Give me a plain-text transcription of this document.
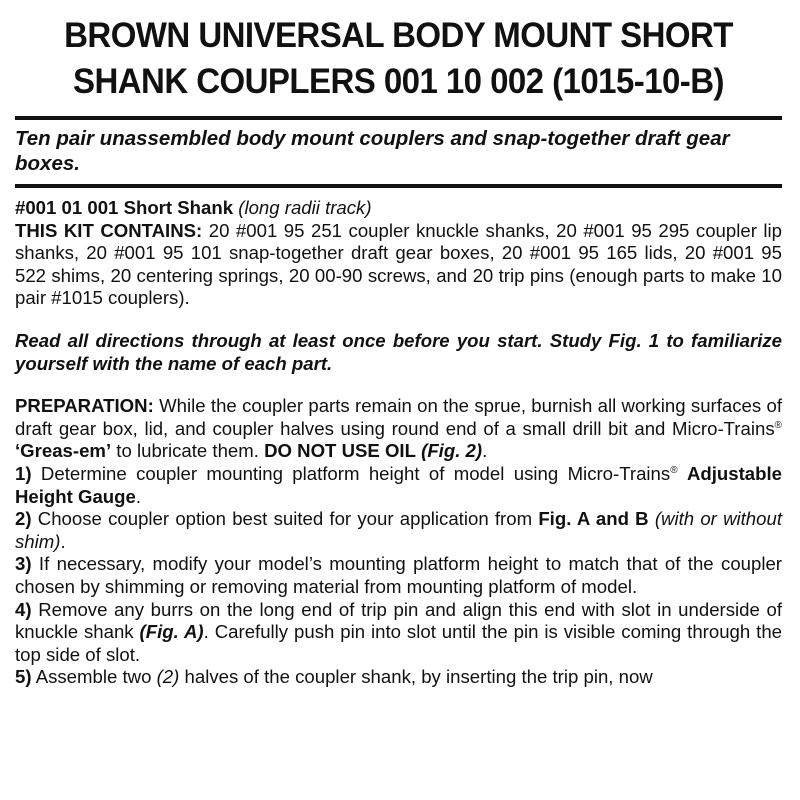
BROWN UNIVERSAL BODY MOUNT SHORT
SHANK COUPLERS 001 10 002 (1015-10-B)
Ten pair unassembled body mount couplers and snap-together draft gear boxes.

#001 01 001 Short Shank (long radii track)

THIS KIT CONTAINS: 20 #001 95 251 coupler knuckle shanks, 20 #001 95 295 coupler lip shanks, 20 #001 95 101 snap-together draft gear boxes, 20 #001 95 165 lids, 20 #001 95 522 shims, 20 centering springs, 20 00-90 screws, and 20 trip pins (enough parts to make 10 pair #1015 couplers).

Read all directions through at least once before you start. Study Fig. 1 to familiarize yourself with the name of each part.

PREPARATION: While the coupler parts remain on the sprue, burnish all working surfaces of draft gear box, lid, and coupler halves using round end of a small drill bit and Micro-Trains® ‘Greas-em’ to lubricate them. DO NOT USE OIL (Fig. 2).

1) Determine coupler mounting platform height of model using Micro-Trains® Adjustable Height Gauge.

2) Choose coupler option best suited for your application from Fig. A and B (with or without shim).

3) If necessary, modify your model’s mounting platform height to match that of the coupler chosen by shimming or removing material from mounting platform of model.

4) Remove any burrs on the long end of trip pin and align this end with slot in underside of knuckle shank (Fig. A). Carefully push pin into slot until the pin is visible coming through the top side of slot.

5) Assemble two (2) halves of the coupler shank, by inserting the trip pin, now
